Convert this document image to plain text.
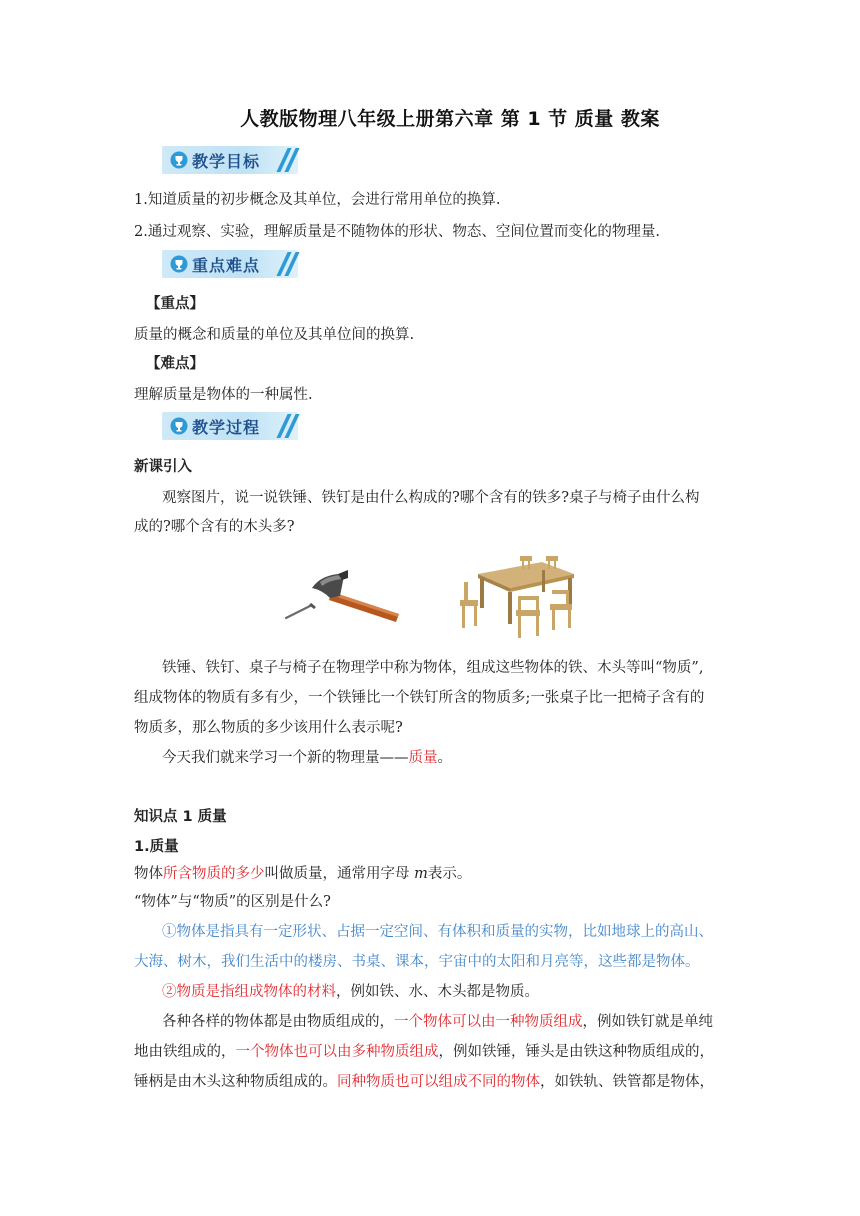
人教版物理八年级上册第六章 第 1 节 质量 教案
教学目标
1.知道质量的初步概念及其单位，会进行常用单位的换算.
2.通过观察、实验，理解质量是不随物体的形状、物态、空间位置而变化的物理量.
重点难点
【重点】
质量的概念和质量的单位及其单位间的换算.
【难点】
理解质量是物体的一种属性.
教学过程
新课引入
观察图片，说一说铁锤、铁钉是由什么构成的?哪个含有的铁多?桌子与椅子由什么构
成的?哪个含有的木头多?
铁锤、铁钉、桌子与椅子在物理学中称为物体，组成这些物体的铁、木头等叫“物质”,
组成物体的物质有多有少，一个铁锤比一个铁钉所含的物质多;一张桌子比一把椅子含有的
物质多，那么物质的多少该用什么表示呢?
今天我们就来学习一个新的物理量——质量。
知识点 1 质量
1.质量
物体所含物质的多少叫做质量，通常用字母 m表示。
“物体”与“物质”的区别是什么?
①物体是指具有一定形状、占据一定空间、有体积和质量的实物，比如地球上的高山、
大海、树木，我们生活中的楼房、书桌、课本，宇宙中的太阳和月亮等，这些都是物体。
②物质是指组成物体的材料，例如铁、水、木头都是物质。
各种各样的物体都是由物质组成的，一个物体可以由一种物质组成，例如铁钉就是单纯
地由铁组成的，一个物体也可以由多种物质组成，例如铁锤，锤头是由铁这种物质组成的，
锤柄是由木头这种物质组成的。同种物质也可以组成不同的物体，如铁轨、铁管都是物体，
